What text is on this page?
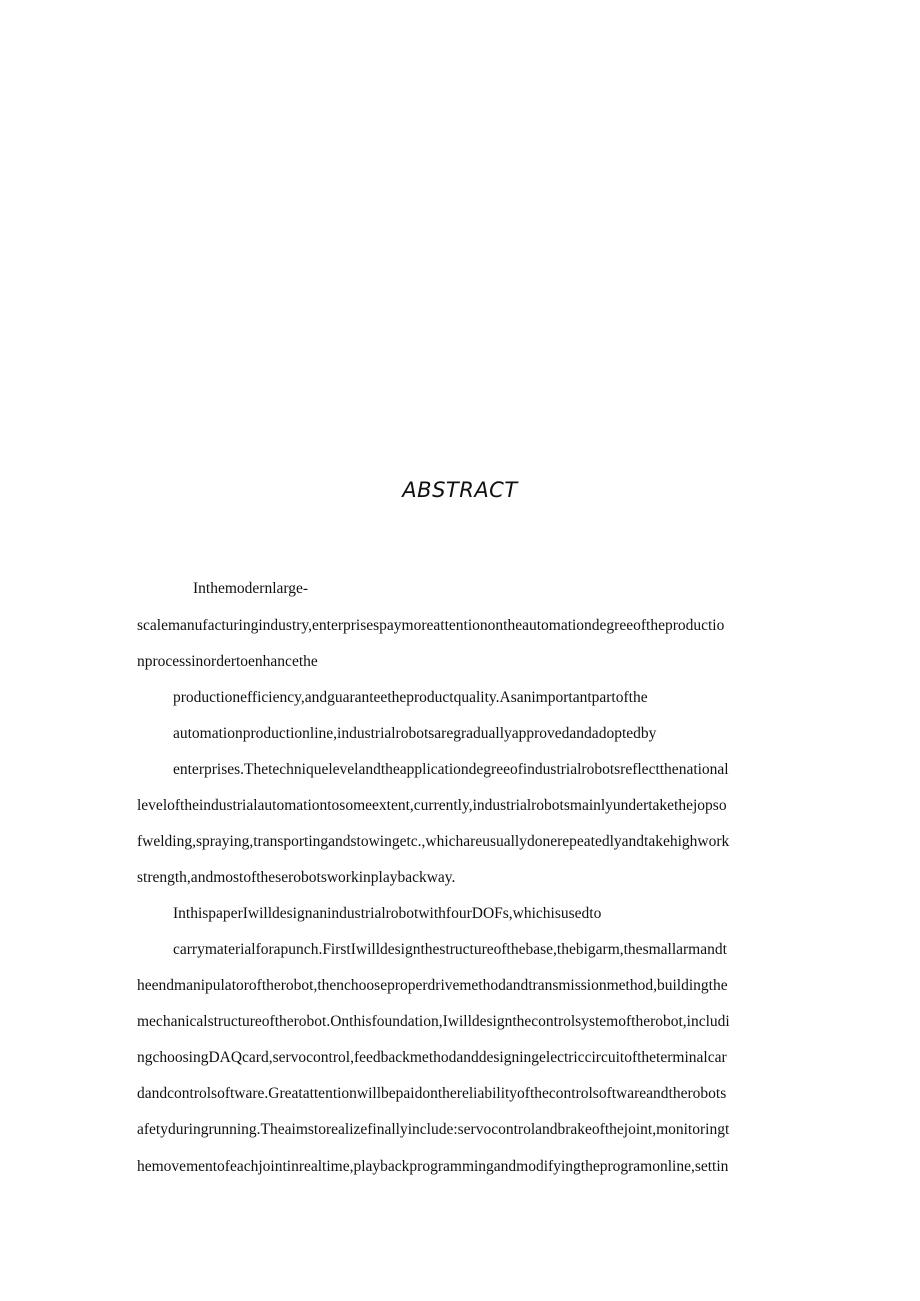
ABSTRACT
Inthemodernlarge-
scalemanufacturingindustry,enterprisespaymoreattentionontheautomationdegreeoftheproductio
nprocessinordertoenhancethe
productionefficiency,andguaranteetheproductquality.Asanimportantpartofthe
automationproductionline,industrialrobotsaregraduallyapprovedandadoptedby
enterprises.Thetechniquelevelandtheapplicationdegreeofindustrialrobotsreflectthenational
leveloftheindustrialautomationtosomeextent,currently,industrialrobotsmainlyundertakethejopso
fwelding,spraying,transportingandstowingetc.,whichareusuallydonerepeatedlyandtakehighwork
strength,andmostoftheserobotsworkinplaybackway.
InthispaperIwilldesignanindustrialrobotwithfourDOFs,whichisusedto
carrymaterialforapunch.FirstIwilldesignthestructureofthebase,thebigarm,thesmallarmandt
heendmanipulatoroftherobot,thenchooseproperdrivemethodandtransmissionmethod,buildingthe
mechanicalstructureoftherobot.Onthisfoundation,Iwilldesignthecontrolsystemoftherobot,includi
ngchoosingDAQcard,servocontrol,feedbackmethodanddesigningelectriccircuitoftheterminalcar
dandcontrolsoftware.Greatattentionwillbepaidonthereliabilityofthecontrolsoftwareandtherobots
afetyduringrunning.Theaimstorealizefinallyinclude:servocontrolandbrakeofthejoint,monitoringt
hemovementofeachjointinrealtime,playbackprogrammingandmodifyingtheprogramonline,settin
